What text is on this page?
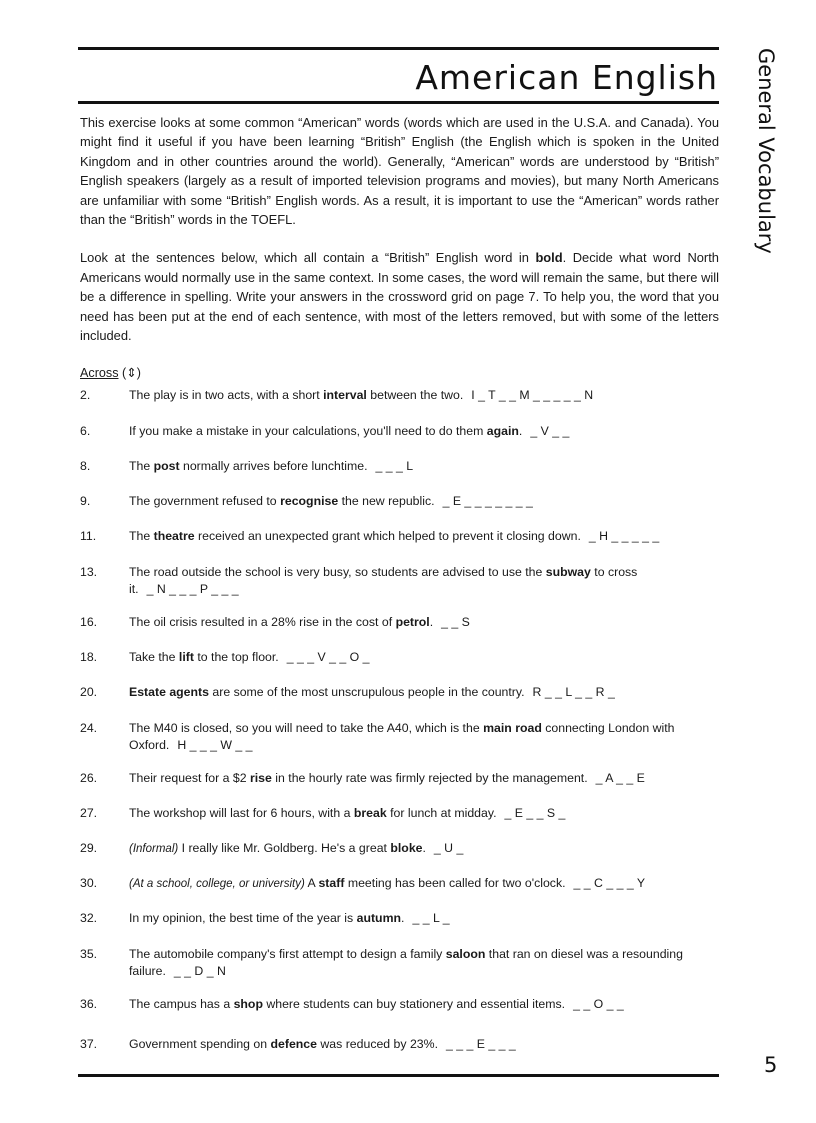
American English General Vocabulary

This exercise looks at some common “American” words (words which are used in the U.S.A. and Canada). You might find it useful if you have been learning “British” English (the English which is spoken in the United Kingdom and in other countries around the world). Generally, “American” words are understood by “British” English speakers (largely as a result of imported television programs and movies), but many North Americans are unfamiliar with some “British” English words. As a result, it is important to use the “American” words rather than the “British” words in the TOEFL.

Look at the sentences below, which all contain a “British” English word in bold. Decide what word North Americans would normally use in the same context. In some cases, the word will remain the same, but there will be a difference in spelling. Write your answers in the crossword grid on page 7. To help you, the word that you need has been put at the end of each sentence, with most of the letters removed, but with some of the letters included.

Across (⇕)
2.	The play is in two acts, with a short interval between the two. I _ T _ _ M _ _ _ _ _ N
6.	If you make a mistake in your calculations, you'll need to do them again. _ V _ _
8.	The post normally arrives before lunchtime. _ _ _ L
9.	The government refused to recognise the new republic. _ E _ _ _ _ _ _ _
11.	The theatre received an unexpected grant which helped to prevent it closing down. _ H _ _ _ _ _
13.	The road outside the school is very busy, so students are advised to use the subway to cross it. _ N _ _ _ P _ _ _
16.	The oil crisis resulted in a 28% rise in the cost of petrol. _ _ S
18.	Take the lift to the top floor. _ _ _ V _ _ O _
20.	Estate agents are some of the most unscrupulous people in the country. R _ _ L _ _ R _
24.	The M40 is closed, so you will need to take the A40, which is the main road connecting London with Oxford. H _ _ _ W _ _
26.	Their request for a $2 rise in the hourly rate was firmly rejected by the management. _ A _ _ E
27.	The workshop will last for 6 hours, with a break for lunch at midday. _ E _ _ S _
29.	(Informal) I really like Mr. Goldberg. He's a great bloke. _ U _
30.	(At a school, college, or university) A staff meeting has been called for two o'clock. _ _ C _ _ _ Y
32.	In my opinion, the best time of the year is autumn. _ _ L _
35.	The automobile company's first attempt to design a family saloon that ran on diesel was a resounding failure. _ _ D _ N
36.	The campus has a shop where students can buy stationery and essential items. _ _ O _ _
37.	Government spending on defence was reduced by 23%. _ _ _ E _ _ _
5
